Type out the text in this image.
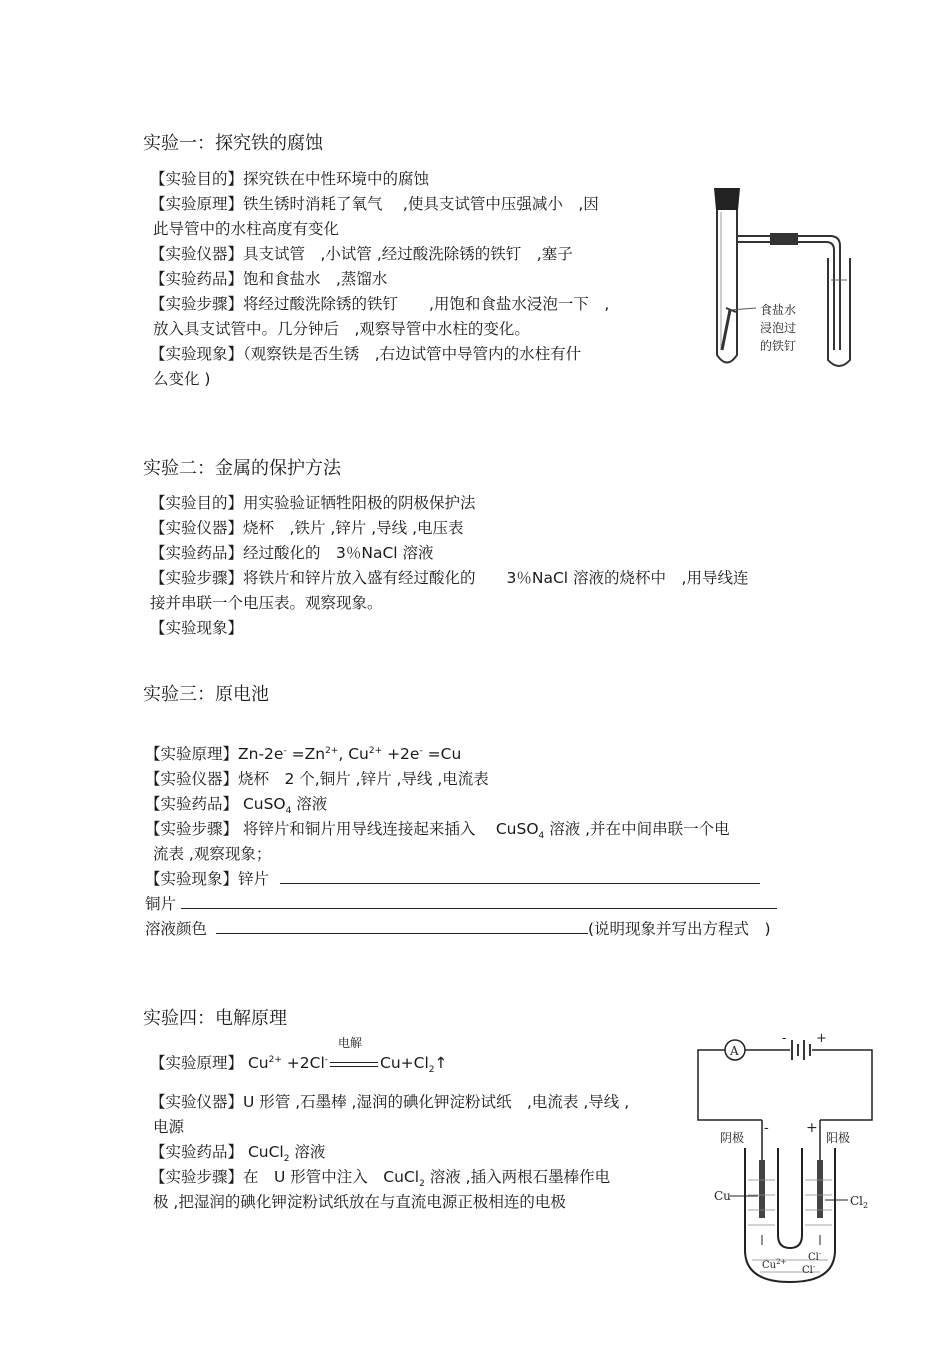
实验一：探究铁的腐蚀
【实验目的】探究铁在中性环境中的腐蚀
【实验原理】铁生锈时消耗了氧气　 ,使具支试管中压强减小　,因
此导管中的水柱高度有变化
【实验仪器】具支试管　,小试管 ,经过酸洗除锈的铁钉　,塞子
【实验药品】饱和食盐水　,蒸馏水
【实验步骤】将经过酸洗除锈的铁钉　　,用饱和食盐水浸泡一下　,
放入具支试管中。几分钟后　,观察导管中水柱的变化。
【实验现象】（观察铁是否生锈　,右边试管中导管内的水柱有什
么变化 )
食盐水
浸泡过
的铁钉
实验二：金属的保护方法
【实验目的】用实验验证牺牲阳极的阴极保护法
【实验仪器】烧杯　,铁片 ,锌片 ,导线 ,电压表
【实验药品】经过酸化的　3％NaCl 溶液
【实验步骤】将铁片和锌片放入盛有经过酸化的　　3％NaCl 溶液的烧杯中　,用导线连
接并串联一个电压表。观察现象。
【实验现象】
实验三：原电池
【实验原理】$Zn-2e^- =Zn^{2+}$, $Cu^{2+} +2e^- =Cu$
【实验仪器】烧杯　2 个,铜片 ,锌片 ,导线 ,电流表
【实验药品】 CuSO$_4$ 溶液
【实验步骤】 将锌片和铜片用导线连接起来插入　 CuSO$_4$ 溶液 ,并在中间串联一个电
流表 ,观察现象；
【实验现象】锌片
铜片
溶液颜色	(说明现象并写出方程式　)
实验四：电解原理
【实验原理】 $Cu^{2+} +2Cl^-$
电解
$Cu+Cl_2↑$
【实验仪器】U 形管 ,石墨棒 ,湿润的碘化钾淀粉试纸　,电流表 ,导线 ,
电源
【实验药品】 CuCl$_2$ 溶液
【实验步骤】在　U 形管中注入　CuCl$_2$ 溶液 ,插入两根石墨棒作电
极 ,把湿润的碘化钾淀粉试纸放在与直流电源正极相连的电极
A
- +
阴极	阳极
-	+
Cu	$Cl_2$
$Cu^{2+}$
Cl-
Cl-
